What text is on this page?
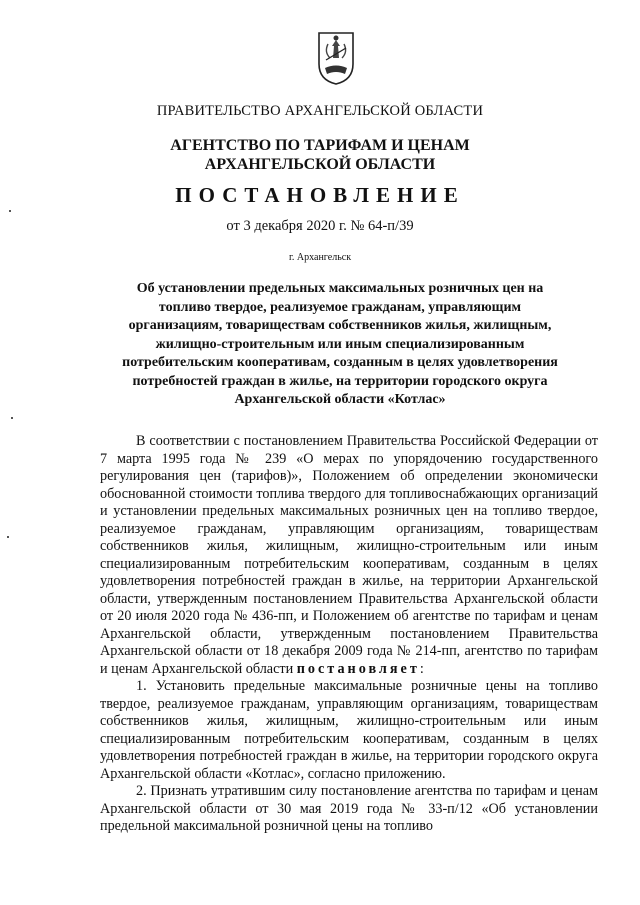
ПРАВИТЕЛЬСТВО АРХАНГЕЛЬСКОЙ ОБЛАСТИ
АГЕНТСТВО ПО ТАРИФАМ И ЦЕНАМ
АРХАНГЕЛЬСКОЙ ОБЛАСТИ
ПОСТАНОВЛЕНИЕ
от 3 декабря 2020 г. № 64-п/39
г. Архангельск
Об установлении предельных максимальных розничных цен на топливо твердое, реализуемое гражданам, управляющим организациям, товариществам собственников жилья, жилищным, жилищно-строительным или иным специализированным потребительским кооперативам, созданным в целях удовлетворения потребностей граждан в жилье, на территории городского округа Архангельской области «Котлас»

В соответствии с постановлением Правительства Российской Федерации от 7 марта 1995 года № 239 «О мерах по упорядочению государственного регулирования цен (тарифов)», Положением об определении экономически обоснованной стоимости топлива твердого для топливоснабжающих организаций и установлении предельных максимальных розничных цен на топливо твердое, реализуемое гражданам, управляющим организациям, товариществам собственников жилья, жилищным, жилищно-строительным или иным специализированным потребительским кооперативам, созданным в целях удовлетворения потребностей граждан в жилье, на территории Архангельской области, утвержденным постановлением Правительства Архангельской области от 20 июля 2020 года № 436-пп, и Положением об агентстве по тарифам и ценам Архангельской области, утвержденным постановлением Правительства Архангельской области от 18 декабря 2009 года № 214-пп, агентство по тарифам и ценам Архангельской области постановляет:

1. Установить предельные максимальные розничные цены на топливо твердое, реализуемое гражданам, управляющим организациям, товариществам собственников жилья, жилищным, жилищно-строительным или иным специализированным потребительским кооперативам, созданным в целях удовлетворения потребностей граждан в жилье, на территории городского округа Архангельской области «Котлас», согласно приложению.

2. Признать утратившим силу постановление агентства по тарифам и ценам Архангельской области от 30 мая 2019 года № 33-п/12 «Об установлении предельной максимальной розничной цены на топливо
